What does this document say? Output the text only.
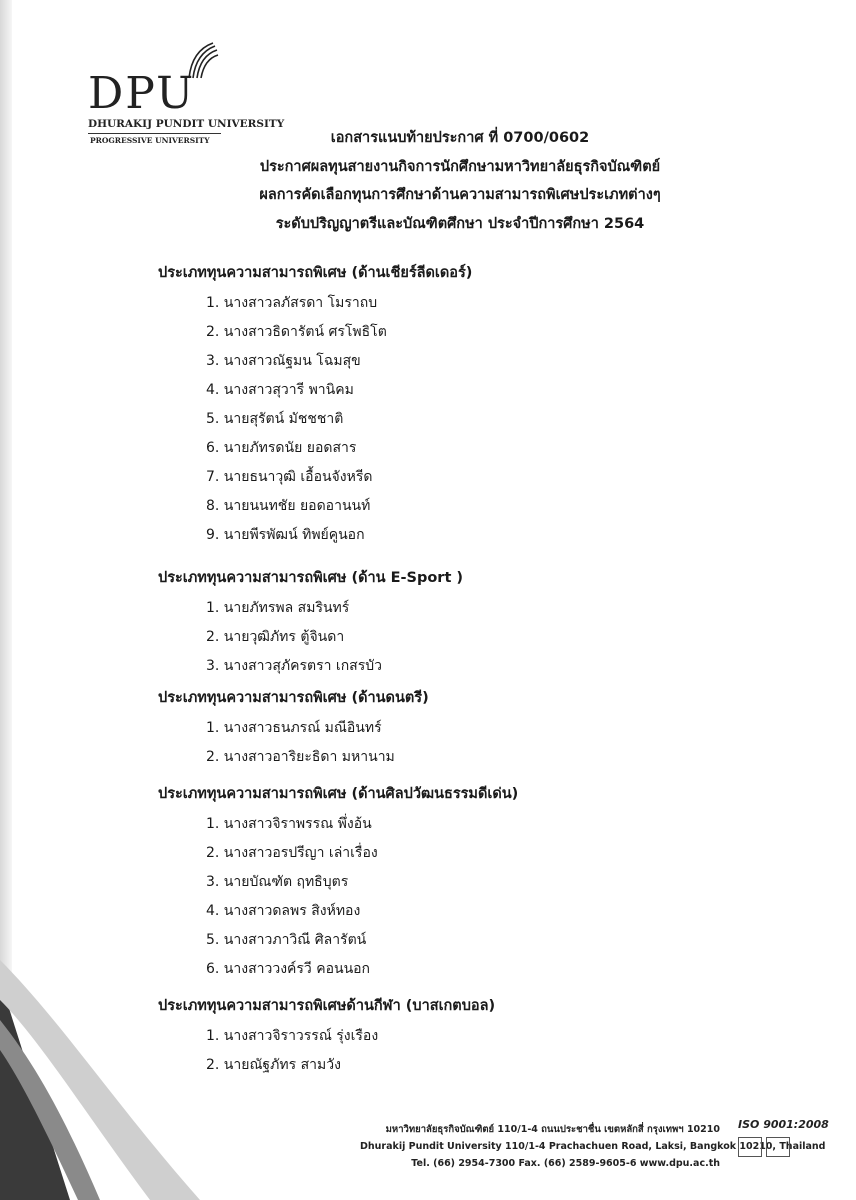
DPU
DHURAKIJ PUNDIT UNIVERSITY
PROGRESSIVE UNIVERSITY	เอกสารแนบท้ายประกาศ ที่ 0700/0602
ประกาศผลทุนสายงานกิจการนักศึกษามหาวิทยาลัยธุรกิจบัณฑิตย์
ผลการคัดเลือกทุนการศึกษาด้านความสามารถพิเศษประเภทต่างๆ
ระดับปริญญาตรีและบัณฑิตศึกษา ประจำปีการศึกษา 2564
ประเภททุนความสามารถพิเศษ (ด้านเชียร์ลีดเดอร์)
1. นางสาวลภัสรดา โมราถบ
2. นางสาวธิดารัตน์ ศรโพธิโต
3. นางสาวณัฐมน โฉมสุข
4. นางสาวสุวารี พานิคม
5. นายสุรัตน์ มัชชชาติ
6. นายภัทรดนัย ยอดสาร
7. นายธนาวุฒิ เอื้อนจังหรีด
8. นายนนทชัย ยอดอานนท์
9. นายพีรพัฒน์ ทิพย์คูนอก
ประเภททุนความสามารถพิเศษ (ด้าน E-Sport )
1. นายภัทรพล สมรินทร์
2. นายวุฒิภัทร ตู้จินดา
3. นางสาวสุภัครตรา เกสรบัว
ประเภททุนความสามารถพิเศษ (ด้านดนตรี)
1. นางสาวธนภรณ์ มณีอินทร์
2. นางสาวอาริยะธิดา มหานาม
ประเภททุนความสามารถพิเศษ (ด้านศิลปวัฒนธรรมดีเด่น)
1. นางสาวจิราพรรณ พึ่งอ้น
2. นางสาวอรปรีญา เล่าเรื่อง
3. นายบัณฑัต ฤทธิบุตร
4. นางสาวดลพร สิงห์ทอง
5. นางสาวภาวิณี ศิลารัตน์
6. นางสาววงค์รวี คอนนอก
ประเภททุนความสามารถพิเศษด้านกีฬา (บาสเกตบอล)
1. นางสาวจิราวรรณ์ รุ่งเรือง
2. นายณัฐภัทร สามวัง
มหาวิทยาลัยธุรกิจบัณฑิตย์ 110/1-4 ถนนประชาชื่น เขตหลักสี่ กรุงเทพฯ 10210
Dhurakij Pundit University 110/1-4 Prachachuen Road, Laksi, Bangkok 10210, Thailand
Tel. (66) 2954-7300 Fax. (66) 2589-9605-6 www.dpu.ac.th
ISO 9001:2008
